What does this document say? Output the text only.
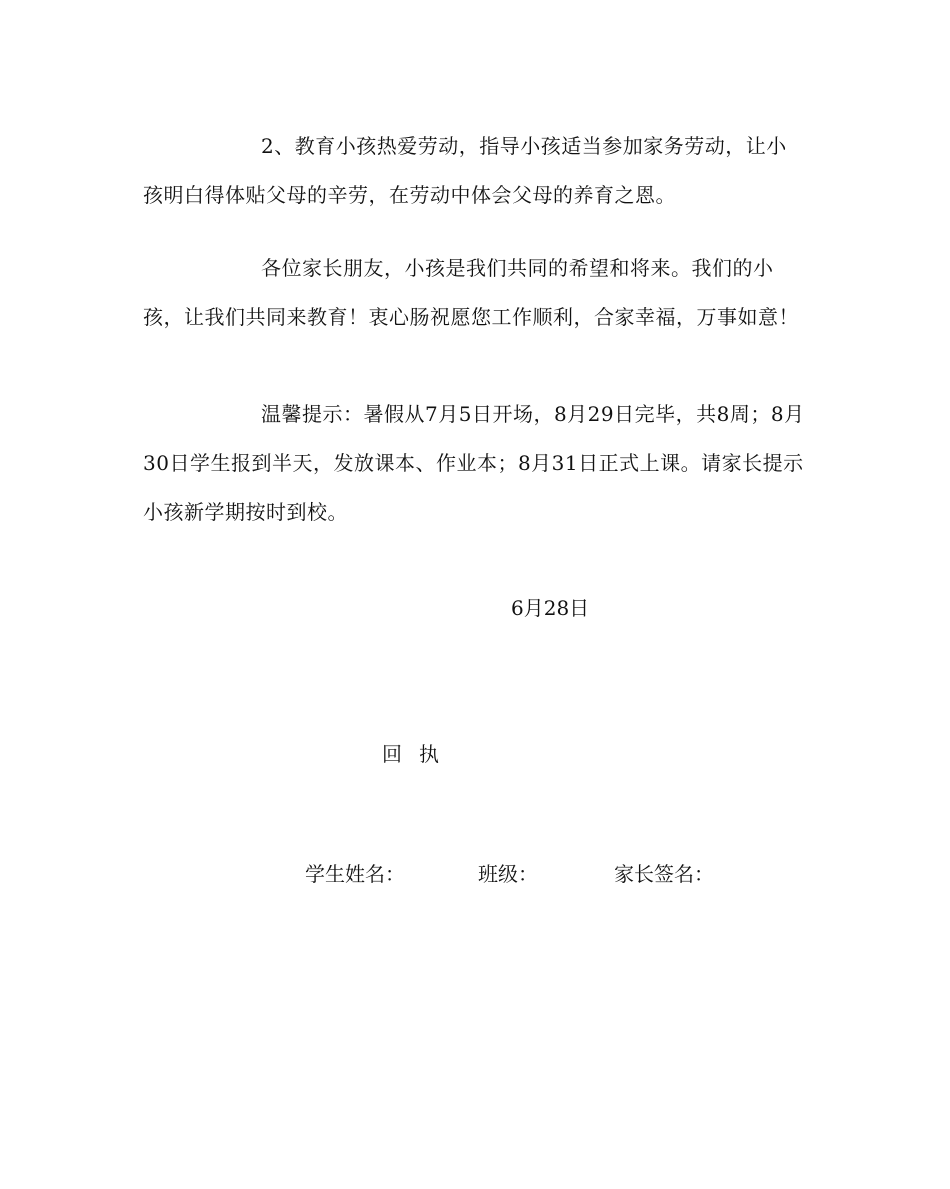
2、教育小孩热爱劳动，指导小孩适当参加家务劳动，让小孩明白得体贴父母的辛劳，在劳动中体会父母的养育之恩。
各位家长朋友，小孩是我们共同的希望和将来。我们的小孩，让我们共同来教育！衷心肠祝愿您工作顺利，合家幸福，万事如意！
温馨提示：暑假从7月5日开场，8月29日完毕，共8周；8月30日学生报到半天，发放课本、作业本；8月31日正式上课。请家长提示小孩新学期按时到校。
6月28日
回执
学生姓名：	班级：	家长签名：
